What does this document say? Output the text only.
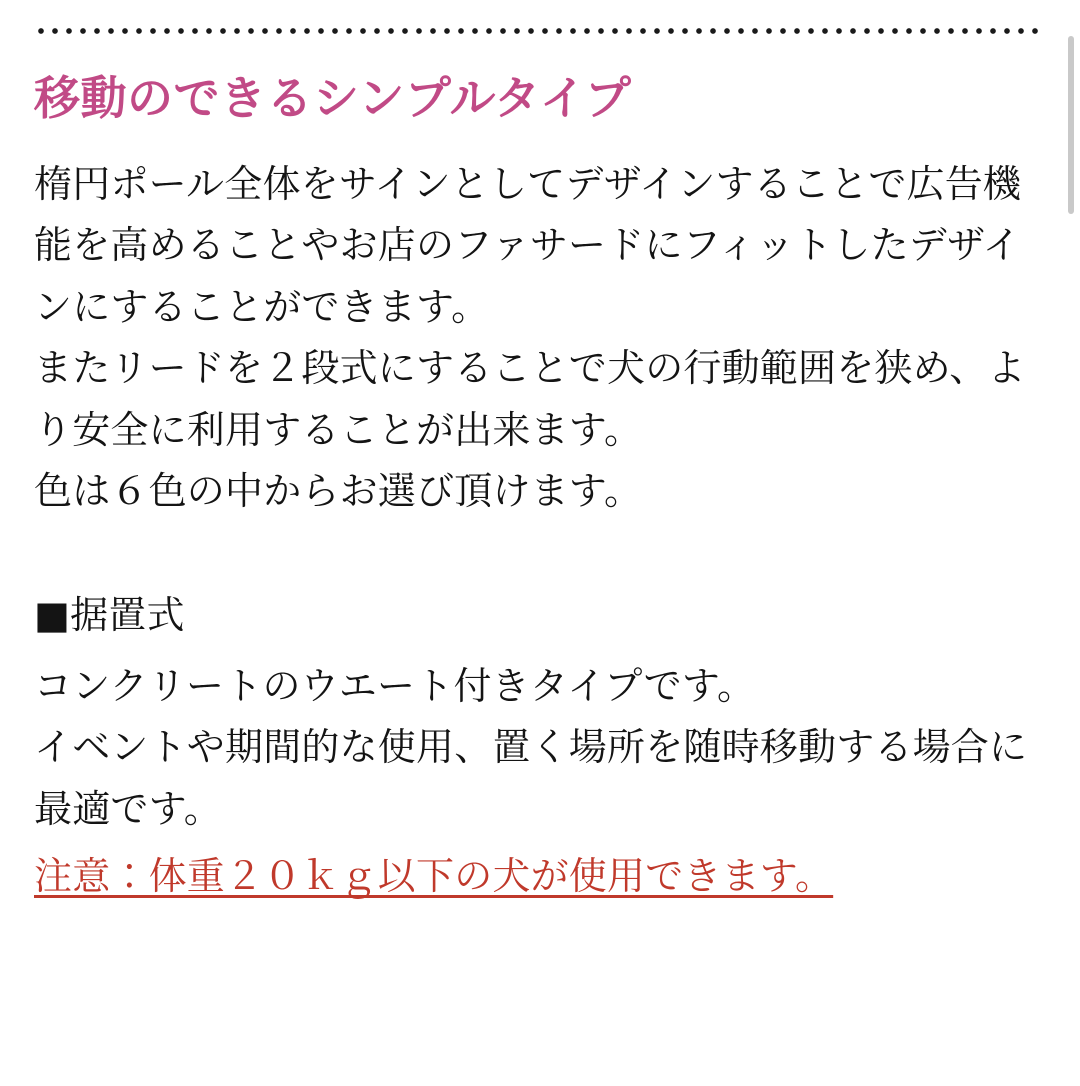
移動のできるシンプルタイプ

楕円ポール全体をサインとしてデザインすることで広告機能を高めることやお店のファサードにフィットしたデザインにすることができます。

またリードを２段式にすることで犬の行動範囲を狭め、より安全に利用することが出来ます。

色は６色の中からお選び頂けます。

■据置式

コンクリートのウエート付きタイプです。

イベントや期間的な使用、置く場所を随時移動する場合に最適です。

注意：体重２０ｋｇ以下の犬が使用できます。
